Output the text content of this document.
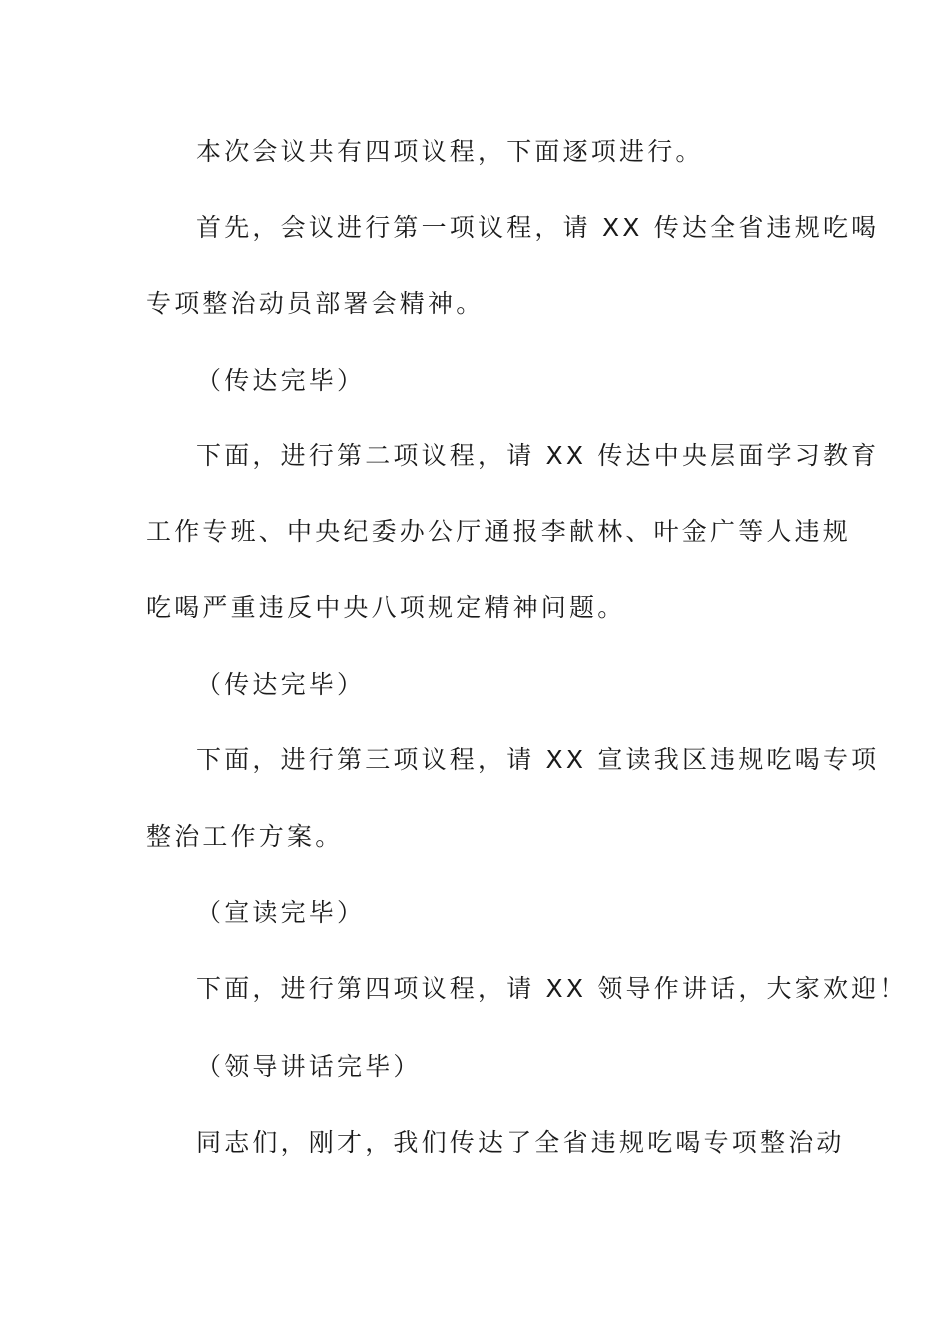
本次会议共有四项议程，下面逐项进行。
首先，会议进行第一项议程，请 XX 传达全省违规吃喝
专项整治动员部署会精神。
（传达完毕）
下面，进行第二项议程，请 XX 传达中央层面学习教育
工作专班、中央纪委办公厅通报李献林、叶金广等人违规
吃喝严重违反中央八项规定精神问题。
（传达完毕）
下面，进行第三项议程，请 XX 宣读我区违规吃喝专项
整治工作方案。
（宣读完毕）
下面，进行第四项议程，请 XX 领导作讲话，大家欢迎！
（领导讲话完毕）
同志们，刚才，我们传达了全省违规吃喝专项整治动
